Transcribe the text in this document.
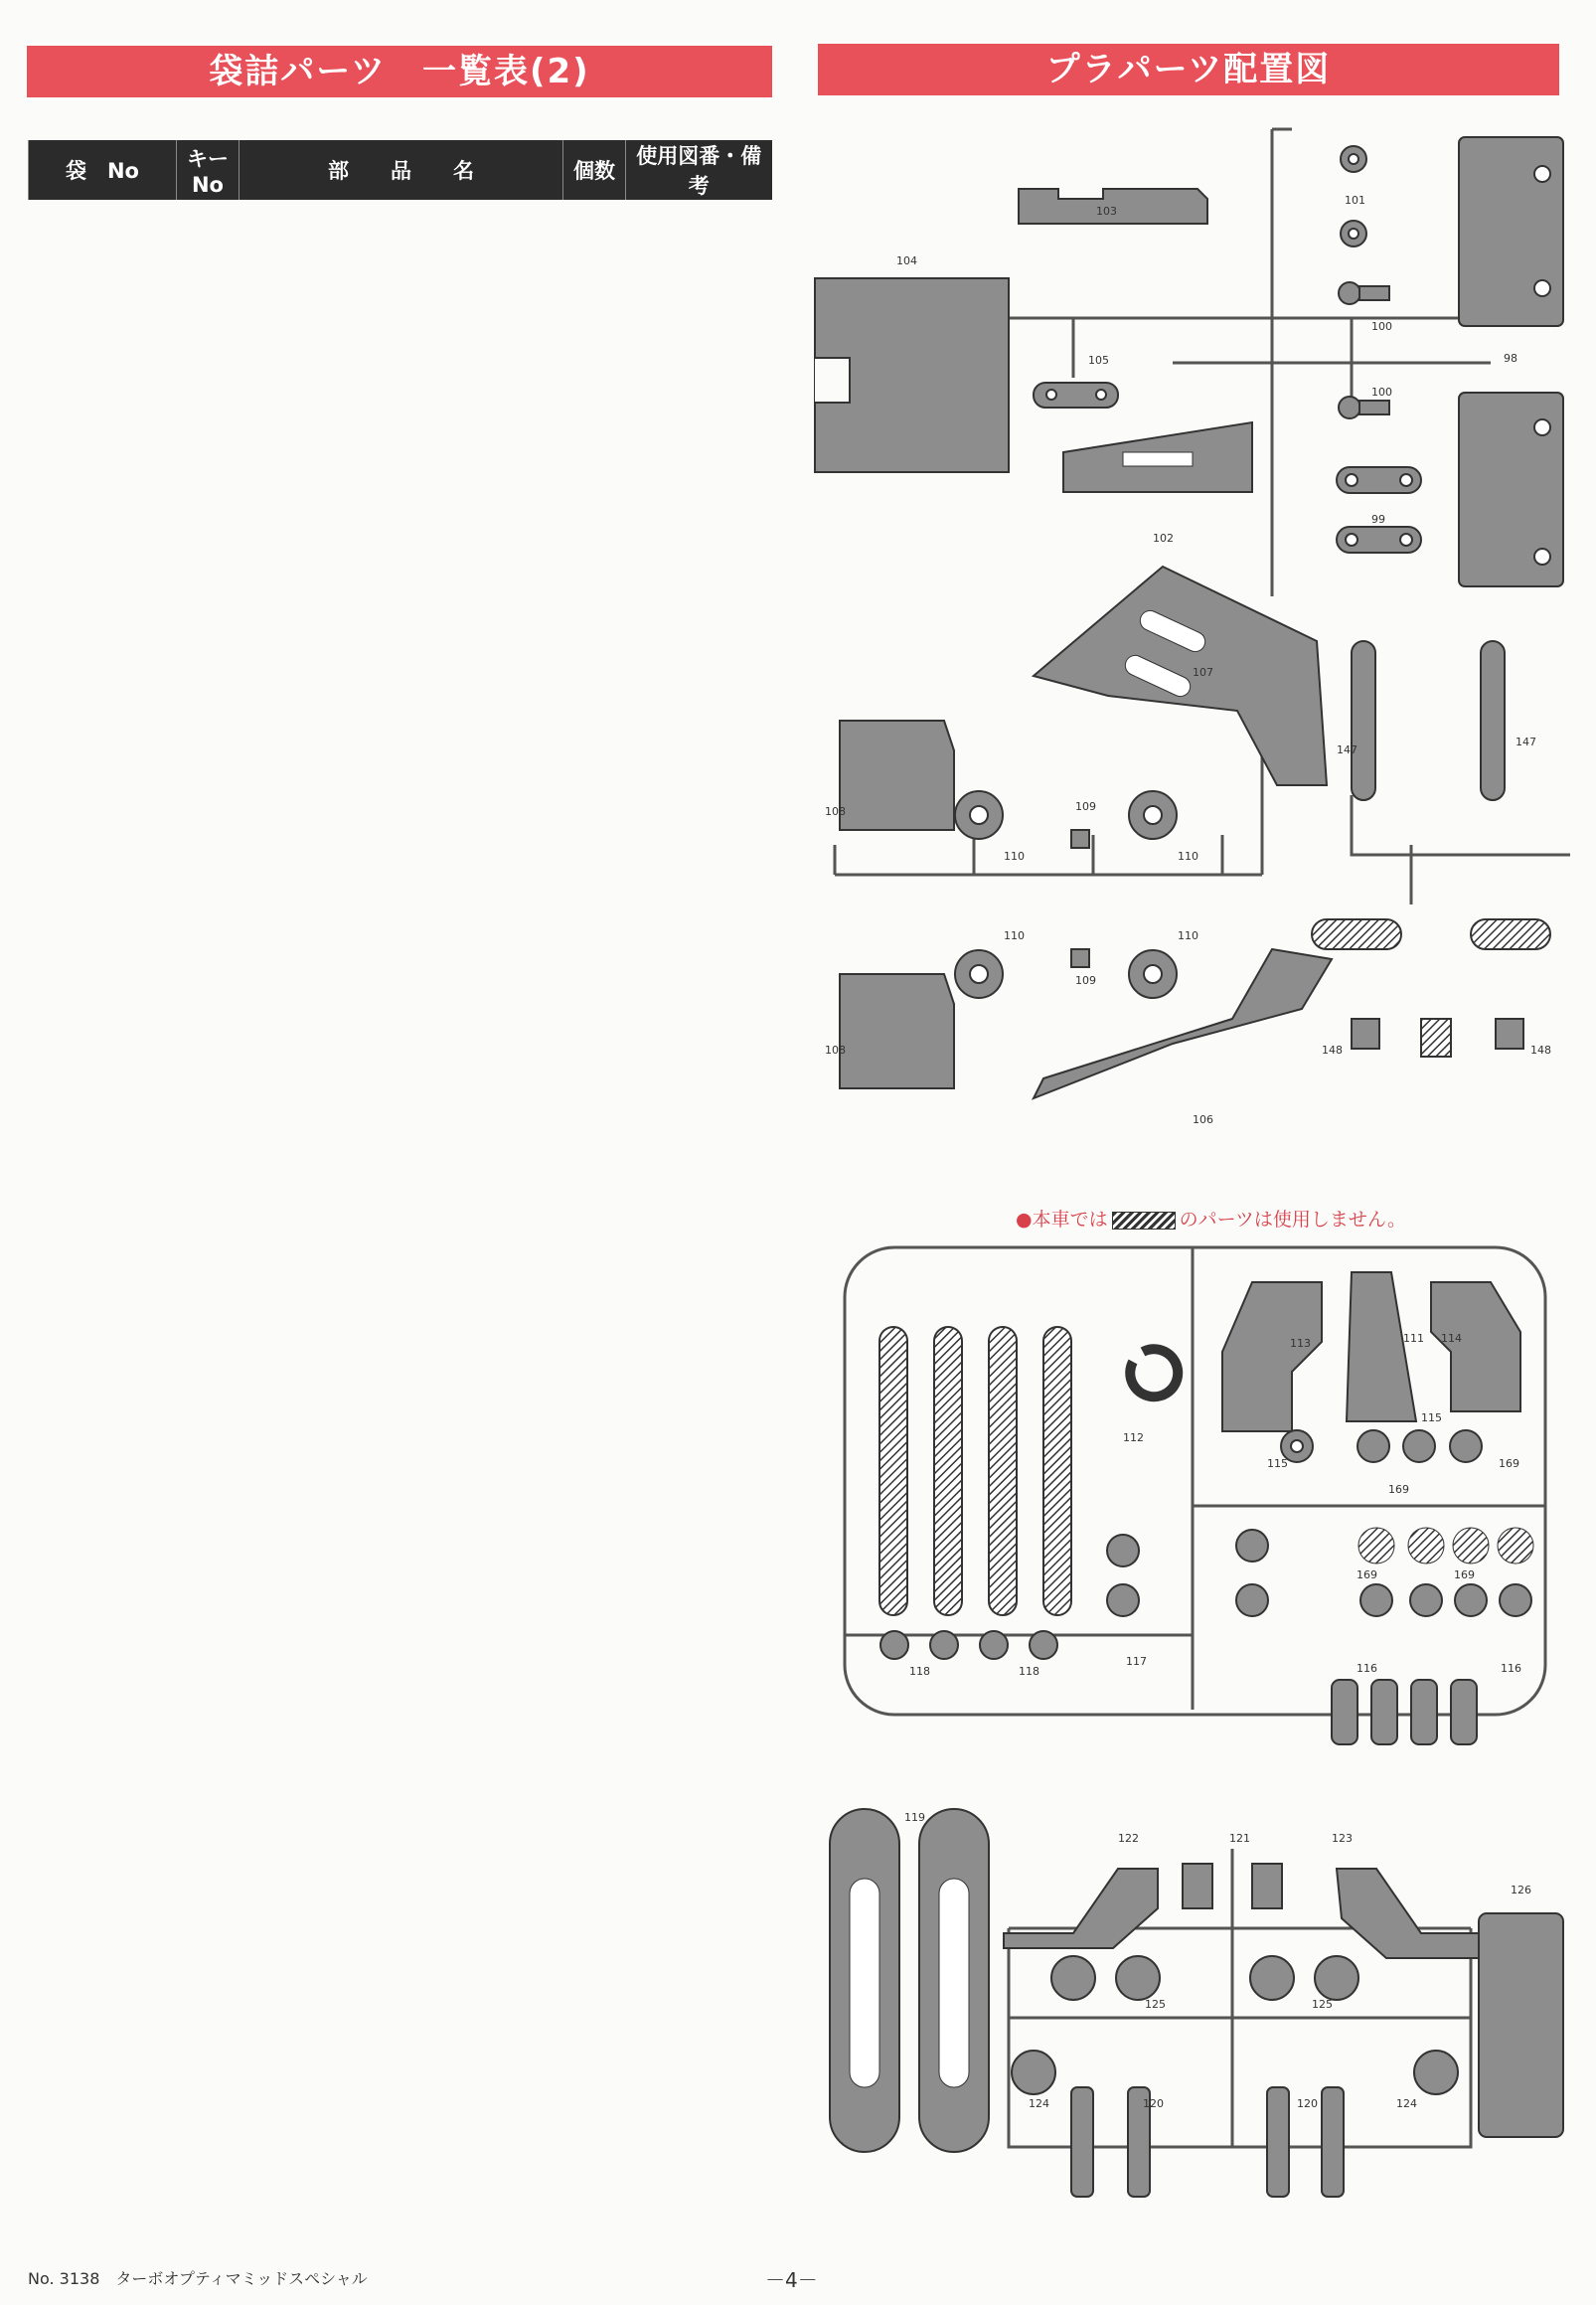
袋詰パーツ　一覧表(2)	プラパーツ配置図
袋　No	キーNo	部　　品　　名	個数	使用図番・備考
●本車では	のパーツは使用しません。
103
104
105
102
101
100
100
98
99
107
108
108
109
109
110	110
110	110
106
147
147
148	148
113	111 114
112
115
115
169
169
169	169
118	118
117
116	116
119
122	121	123
126
125	125
124	124
120	120
No. 3138　ターボオプティマミッドスペシャル	－4－
